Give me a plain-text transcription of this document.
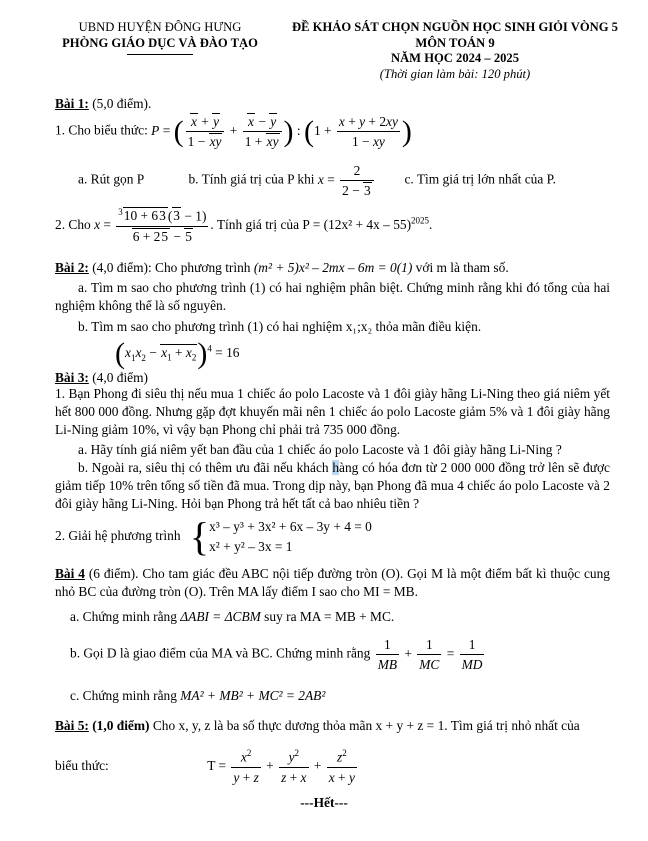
UBND HUYỆN ĐÔNG HƯNG
PHÒNG GIÁO DỤC VÀ ĐÀO TẠO
ĐỀ KHẢO SÁT CHỌN NGUỒN HỌC SINH GIỎI VÒNG 5
MÔN TOÁN 9
NĂM HỌC 2024 – 2025
(Thời gian làm bài: 120 phút)
Bài 1: (5,0 điểm).
1. Cho biểu thức: P = ( $\frac{x + y}{1 - xy} + \frac{x - y}{1 + xy}$ ) : ($1 + \frac{x + y + 2xy}{1 - xy}$ )
a. Rút gọn P	b. Tính giá trị của P khi $x = \frac{2}{2 - 3} c$. Tìm giá trị lớn nhất của P.
2. Cho $x = \frac{^310 + 63 (3 - 1)}{6 + 25 - 5}$ . Tính giá trị của $P = (12x^2 + 4x - 55)^{2025}$.
Bài 2: (4,0 điểm): Cho phương trình (m² + 5)x² – 2mx – 6m = 0(1) với m là tham số.
a. Tìm m sao cho phương trình (1) có hai nghiệm phân biệt. Chứng minh rằng khi đó tổng của hai nghiệm không thể là số nguyên.
b. Tìm m sao cho phương trình (1) có hai nghiệm x₁;x₂ thỏa mãn điều kiện.
$(x_1x_2 - x_1 + x_2)^4 = 16$
Bài 3: (4,0 điểm)
1. Bạn Phong đi siêu thị nếu mua 1 chiếc áo polo Lacoste và 1 đôi giày hãng Li-Ning theo giá niêm yết hết 800 000 đồng. Nhưng gặp đợt khuyến mãi nên 1 chiếc áo polo Lacoste giảm 5% và 1 đôi giày hãng Li-Ning giảm 10%, vì vậy bạn Phong chỉ phải trả 735 000 đồng.
a. Hãy tính giá niêm yết ban đầu của 1 chiếc áo polo Lacoste và 1 đôi giày hãng Li-Ning ?
b. Ngoài ra, siêu thị có thêm ưu đãi nếu khách hàng có hóa đơn từ 2 000 000 đồng trở lên sẽ được giảm tiếp 10% trên tổng số tiền đã mua. Trong dịp này, bạn Phong đã mua 4 chiếc áo polo Lacoste và 2 đôi giày hãng Li-Ning. Hỏi bạn Phong trả hết tất cả bao nhiêu tiền ?
2. Giải hệ phương trình { x³ – y³ + 3x² + 6x – 3y + 4 = 0
x² + y² – 3x = 1
Bài 4 (6 điểm). Cho tam giác đều ABC nội tiếp đường tròn (O). Gọi M là một điểm bất kì thuộc cung nhỏ BC của đường tròn (O). Trên MA lấy điểm I sao cho MI = MB.
a. Chứng minh rằng ΔABI = ΔCBM suy ra MA = MB + MC.
b. Gọi D là giao điểm của MA và BC. Chứng minh rằng $\frac{1}{MB} + \frac{1}{MC} = \frac{1}{MD}$
c. Chứng minh rằng MA² + MB² + MC² = 2AB²
Bài 5: (1,0 điểm) Cho x, y, z là ba số thực dương thỏa mãn x + y + z = 1. Tìm giá trị nhỏ nhất của
biểu thức:	$T = \frac{x^2}{y + z} + \frac{y^2}{z + x} + \frac{z^2}{x + y}$
---Hết---
